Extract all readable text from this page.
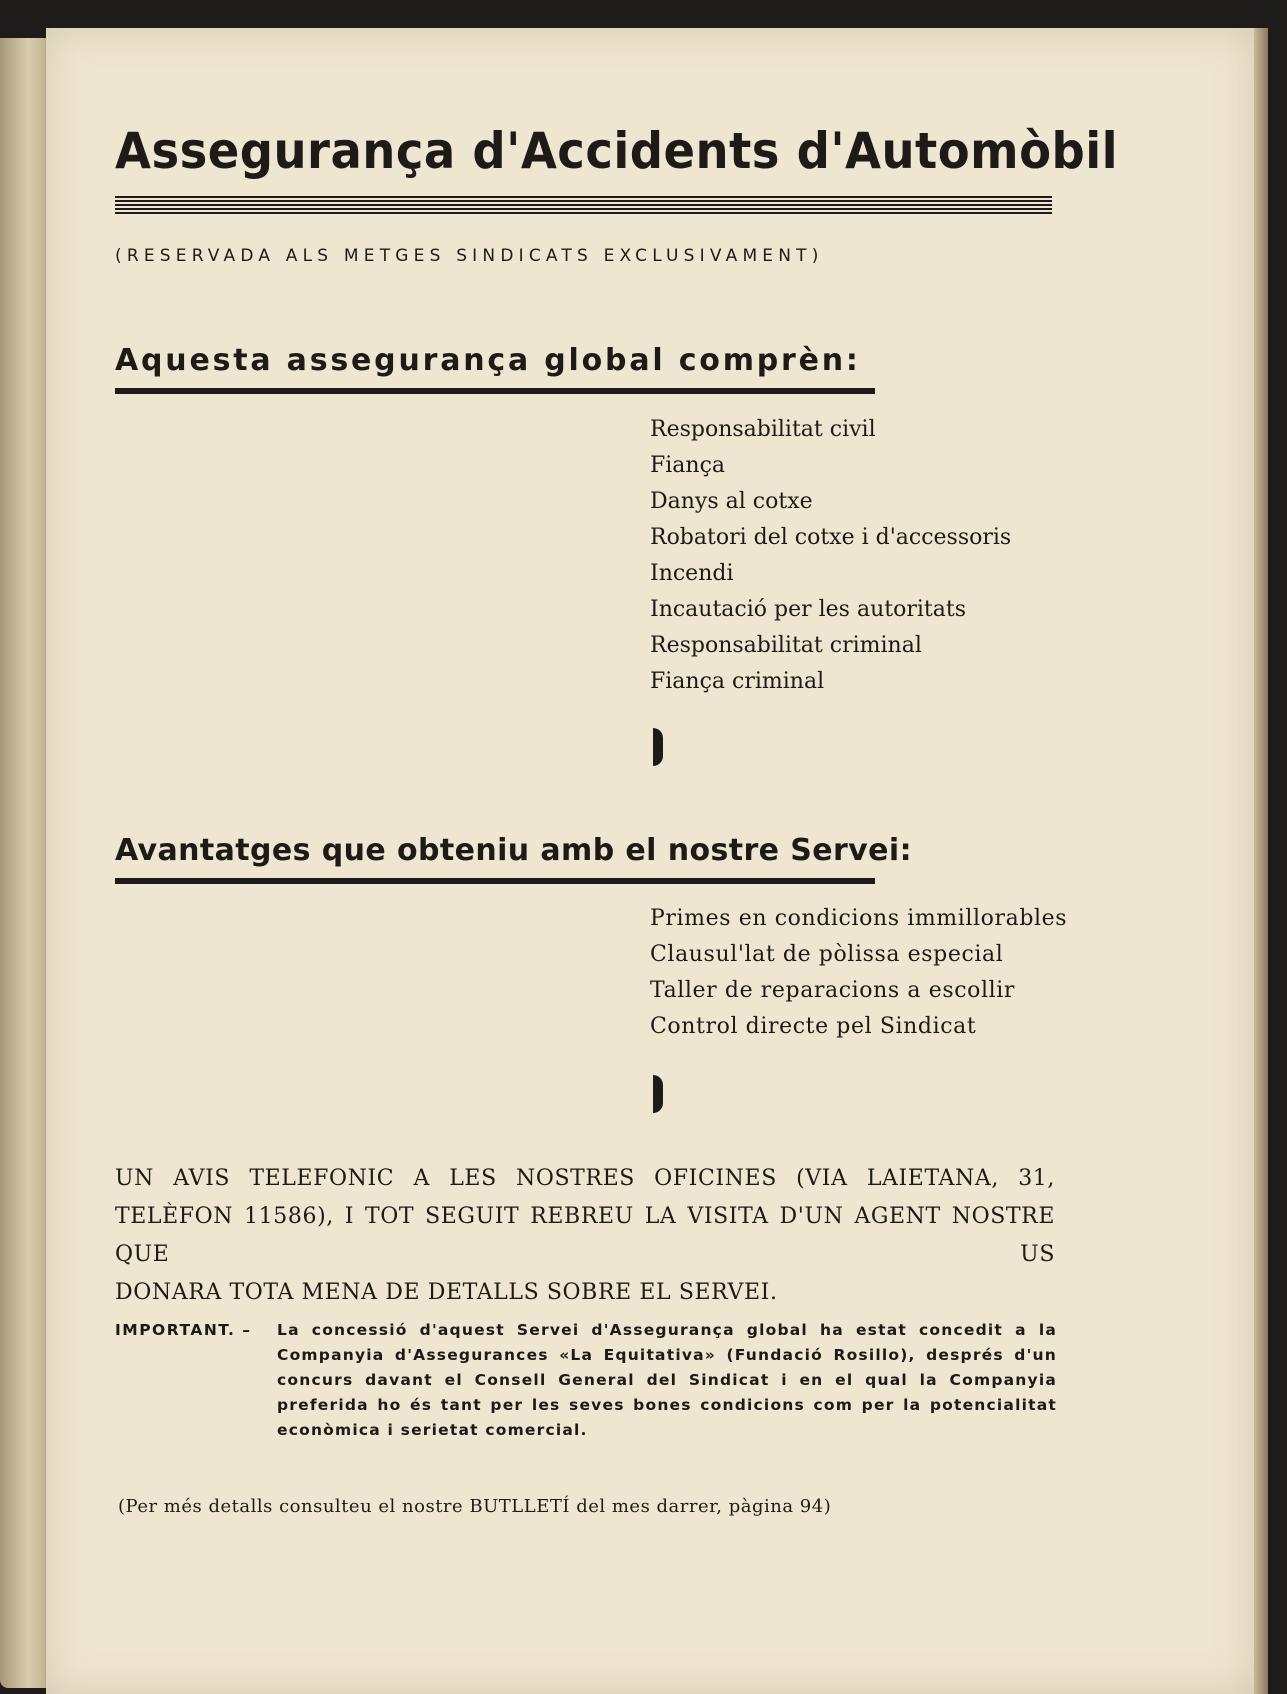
Assegurança d'Accidents d'Automòbil
(RESERVADA ALS METGES SINDICATS EXCLUSIVAMENT)
Aquesta assegurança global comprèn:
Responsabilitat civil
Fiança
Danys al cotxe
Robatori del cotxe i d'accessoris
Incendi
Incautació per les autoritats
Responsabilitat criminal
Fiança criminal
Avantatges que obteniu amb el nostre Servei:
Primes en condicions immillorables
Clausul'lat de pòlissa especial
Taller de reparacions a escollir
Control directe pel Sindicat

UN AVIS TELEFONIC A LES NOSTRES OFICINES (VIA LAIETANA, 31, TELÈFON 11586), I TOT SEGUIT REBREU LA VISITA D'UN AGENT NOSTRE QUE US
DONARA TOTA MENA DE DETALLS SOBRE EL SERVEI.

IMPORTANT. – La concessió d'aquest Servei d'Assegurança global ha estat concedit a la Companyia d'Assegurances «La Equitativa» (Fundació Rosillo), després d'un concurs davant el Consell General del Sindicat i en el qual la Companyia preferida ho és tant per les seves bones condicions com per la potencialitat econòmica i serietat comercial.

(Per més detalls consulteu el nostre BUTLLETÍ del mes darrer, pàgina 94)
